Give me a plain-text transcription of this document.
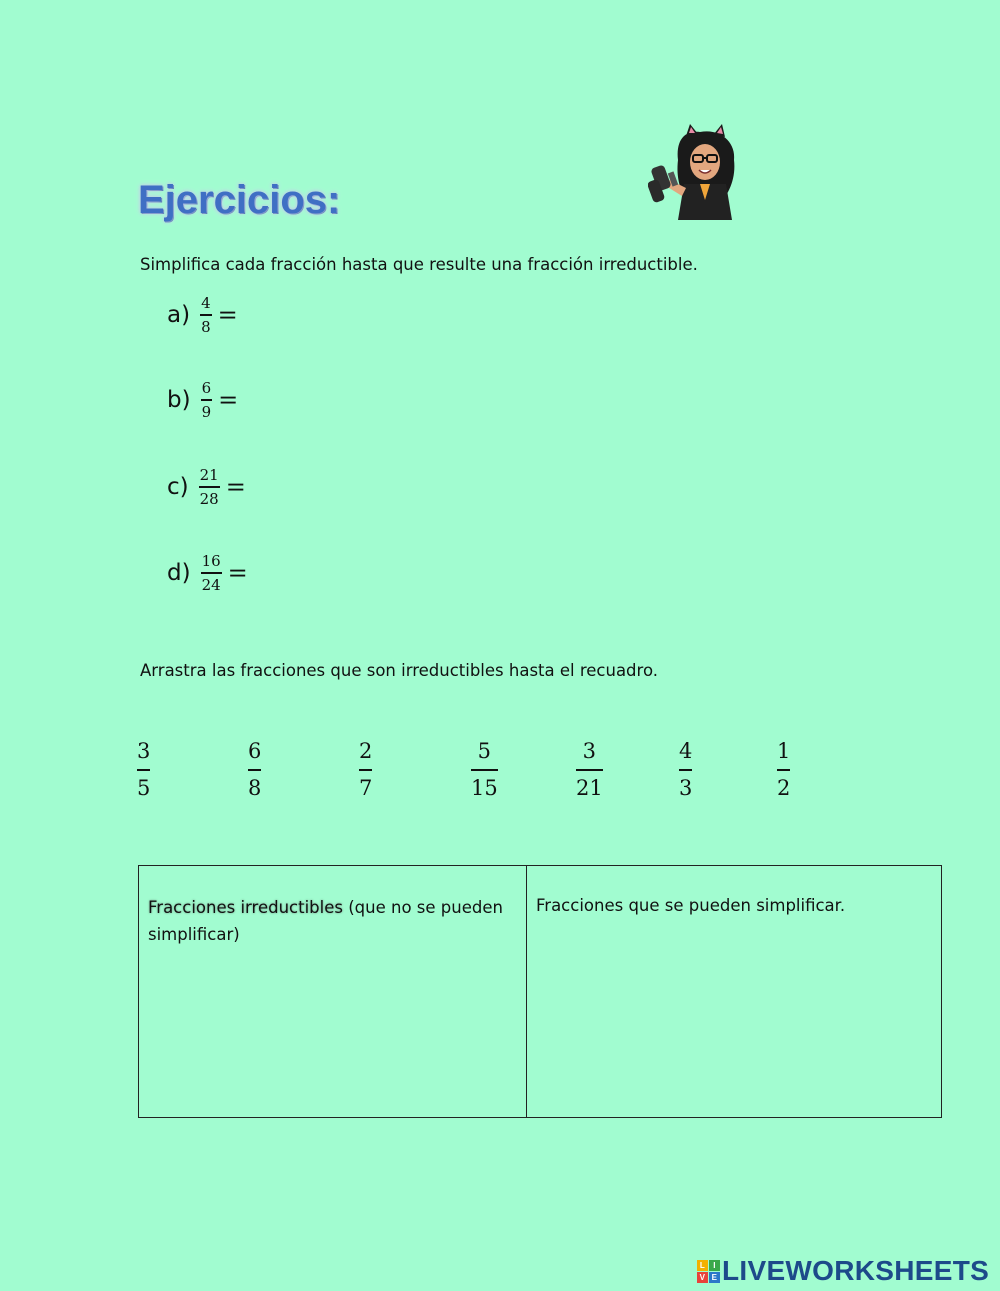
Ejercicios:
Simplifica cada fracción hasta que resulte una fracción irreductible.
$a) \frac{4}{8}$ =
$b) \frac{6}{9}$ =
$c) \frac{21}{28}$ =
$d) \frac{16}{24}$ =
Arrastra las fracciones que son irreductibles hasta el recuadro.
3
5
6
8
2
7
5
15
3
21
4
3
1
2
Fracciones irreductibles (que no se pueden simplificar)
Fracciones que se pueden simplificar.
L	I
V E LIVEWORKSHEETS
